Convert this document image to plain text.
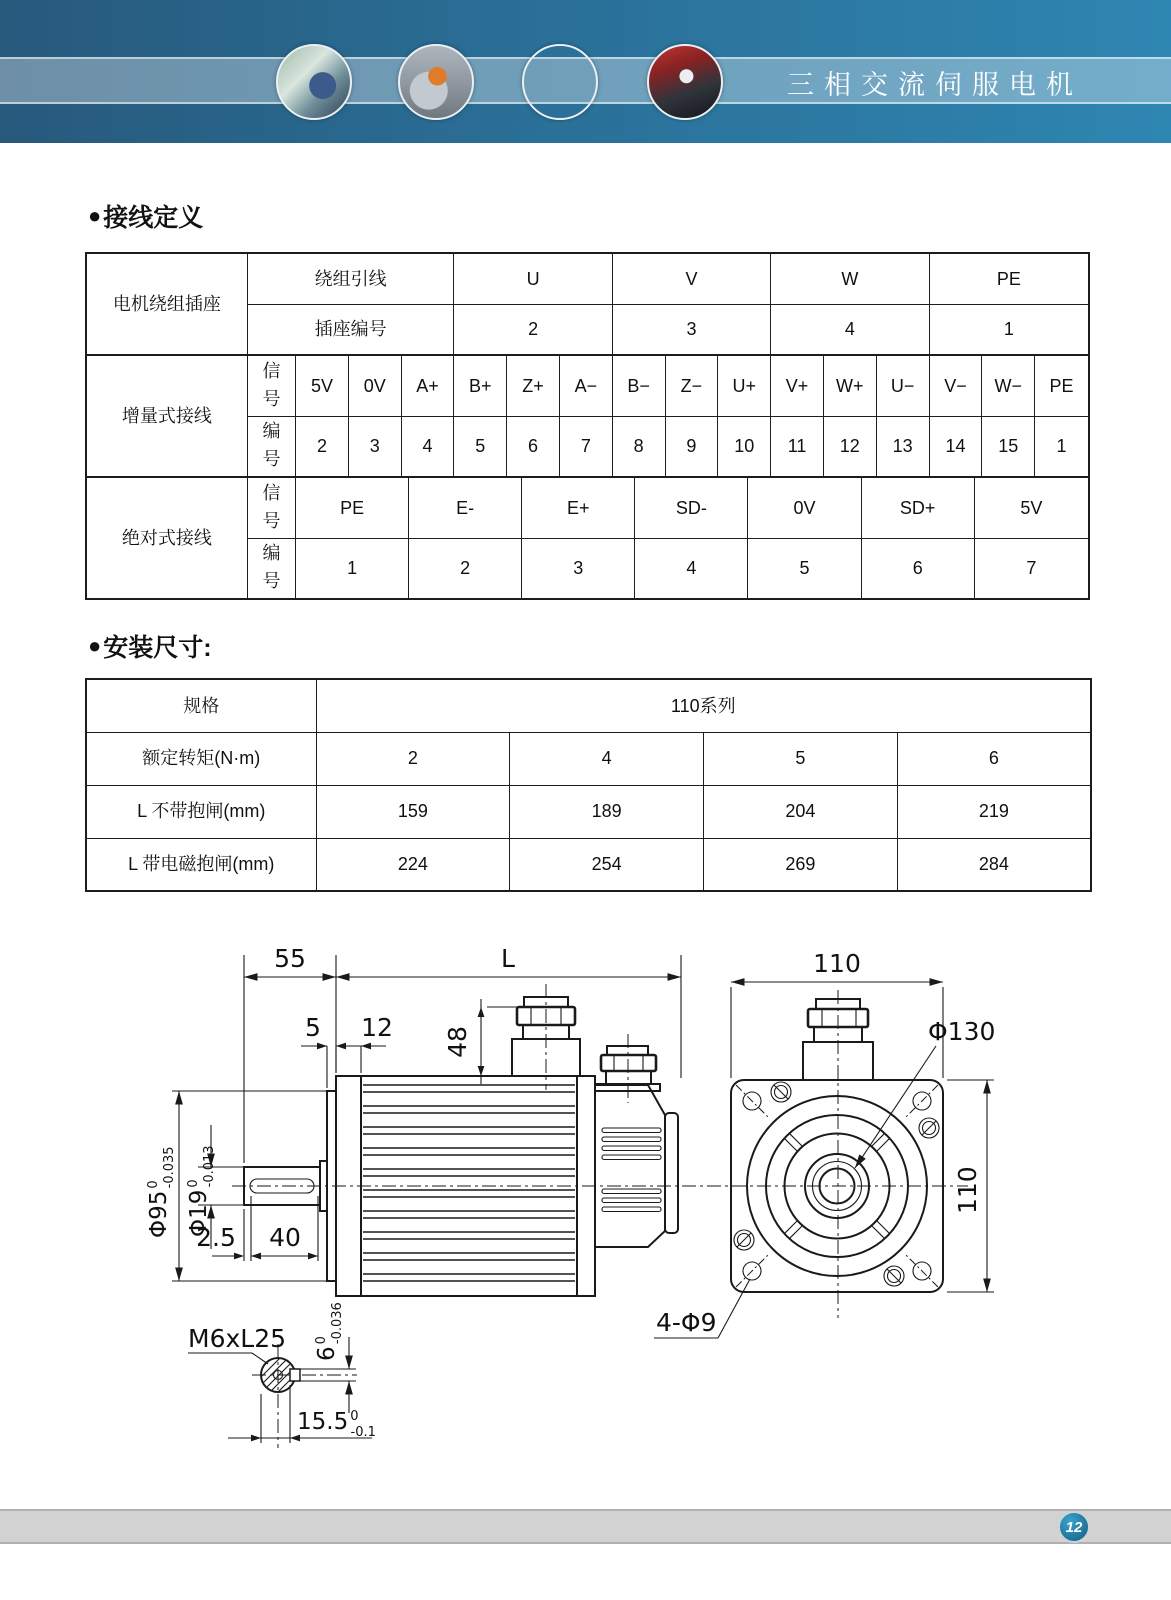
三相交流伺服电机
● 接线定义
电机绕组插座	绕组引线					U				V					W				PE			
	插座编号					2				3					4				1			
增量式接线	信号	5V	0V	A+		B+	Z+		A−	B−		Z−	U+		V+	W+		U−	V−		W−	PE
	编号	2	3	4		5	6		7	8		9	10		11	12		13	14		15	1
绝对式接线	信号	PE			E-			E+			SD-			0V			SD+			5V		
	编号	1			2			3			4			5			6			7		
● 安装尺寸:
规格	110系列			
额定转矩(N·m)	2	4	5	6
L 不带抱闸(mm)	159	189	204	219
L 带电磁抱闸(mm)	224	254	269	284
55	L
5 12 48
$\Phi 95^0-0.035$
$\Phi 19^0-0.013$
2.5 40
110
110
Φ130
4-Φ9
M6xL25
$6^0-0.036$
15.5 $^0$ -0.1
12
